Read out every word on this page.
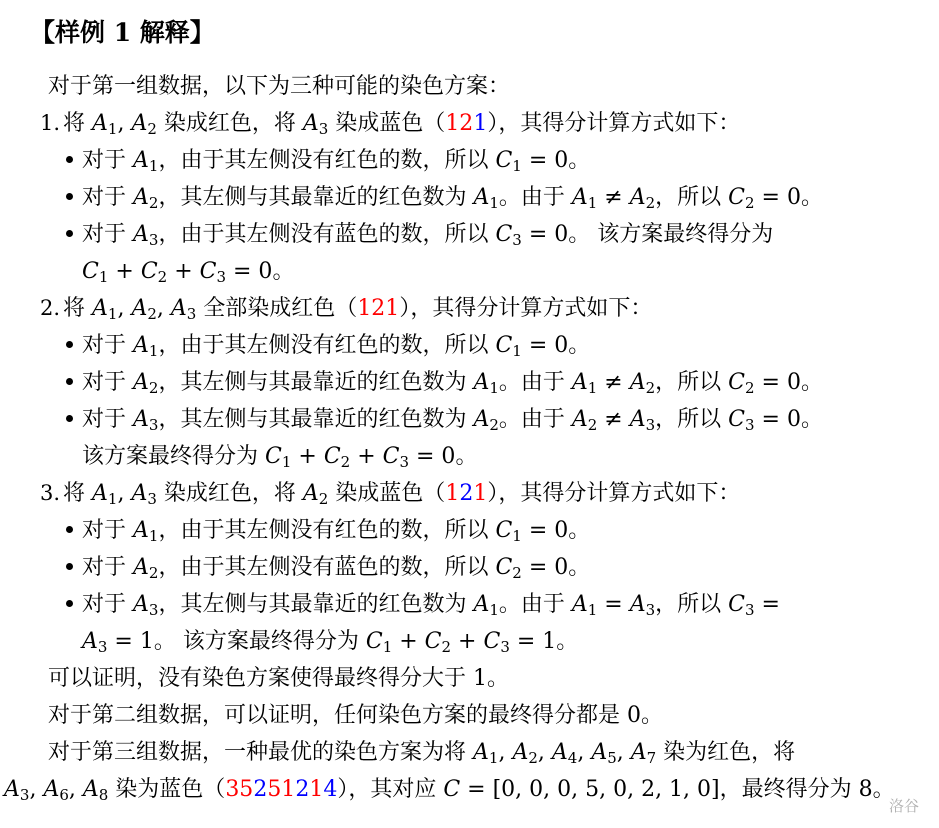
【样例 1 解释】
对于第一组数据，以下为三种可能的染色方案：
1. 将 A1, A2 染成红色，将 A3 染成蓝色（121），其得分计算方式如下：
对于 A1，由于其左侧没有红色的数，所以 C1 = 0。
对于 A2，其左侧与其最靠近的红色数为 A1。由于 A1 ≠ A2，所以 C2 = 0。
对于 A3，由于其左侧没有蓝色的数，所以 C3 = 0。 该方案最终得分为
C1 + C2 + C3 = 0。
2. 将 A1, A2, A3 全部染成红色（121），其得分计算方式如下：
对于 A1，由于其左侧没有红色的数，所以 C1 = 0。
对于 A2，其左侧与其最靠近的红色数为 A1。由于 A1 ≠ A2，所以 C2 = 0。
对于 A3，其左侧与其最靠近的红色数为 A2。由于 A2 ≠ A3，所以 C3 = 0。
该方案最终得分为 C1 + C2 + C3 = 0。
3. 将 A1, A3 染成红色，将 A2 染成蓝色（121），其得分计算方式如下：
对于 A1，由于其左侧没有红色的数，所以 C1 = 0。
对于 A2，由于其左侧没有蓝色的数，所以 C2 = 0。
对于 A3，其左侧与其最靠近的红色数为 A1。由于 A1 = A3，所以 C3 =
A3 = 1。 该方案最终得分为 C1 + C2 + C3 = 1。
可以证明，没有染色方案使得最终得分大于 1。
对于第二组数据，可以证明，任何染色方案的最终得分都是 0。
对于第三组数据，一种最优的染色方案为将 A1, A2, A4, A5, A7 染为红色，将
A3, A6, A8 染为蓝色（35251214），其对应 C = [0, 0, 0, 5, 0, 2, 1, 0]，最终得分为 8。
洛谷
